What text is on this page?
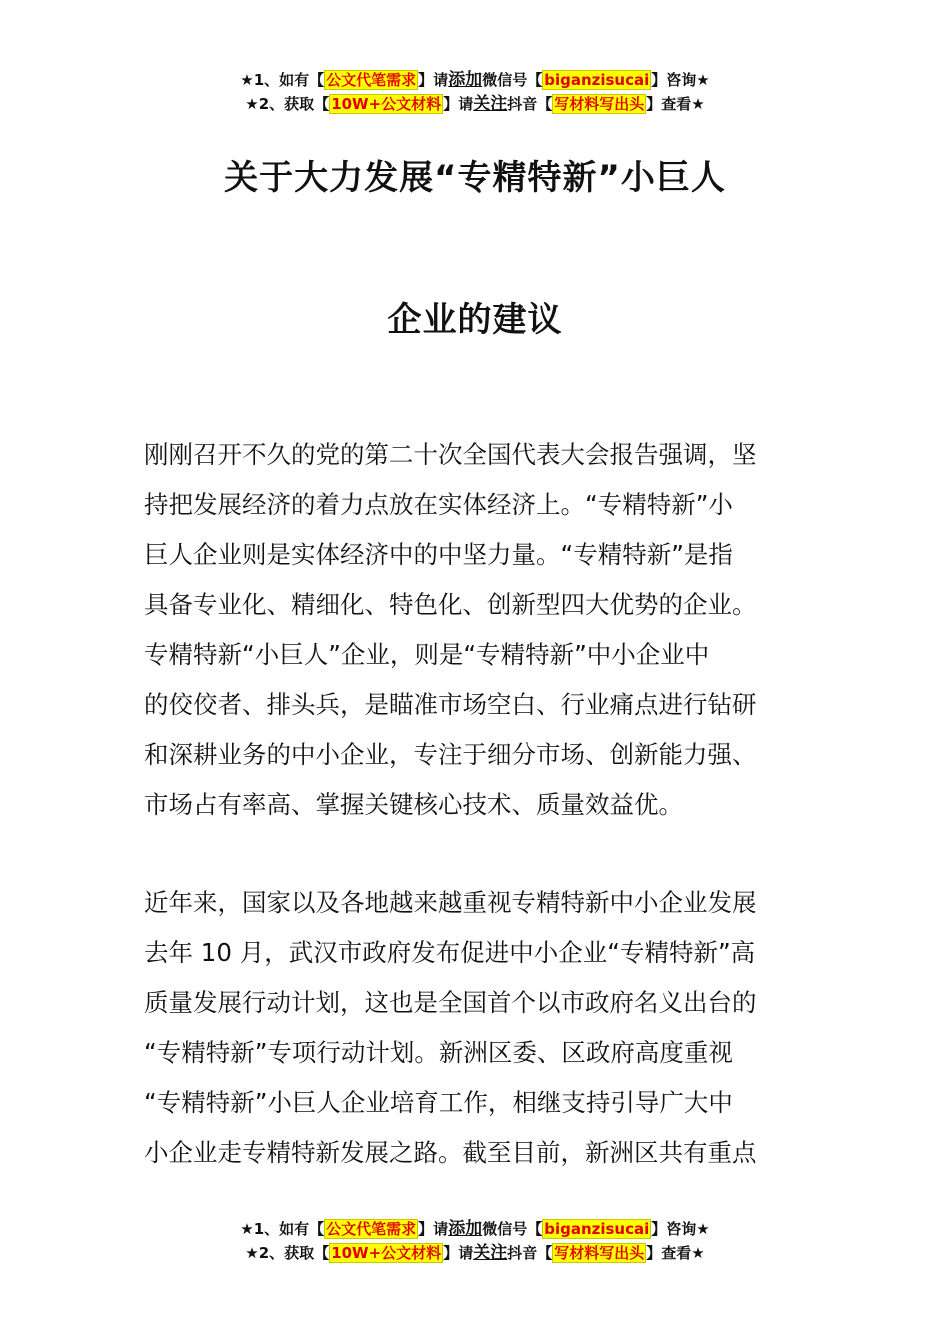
★1、如有【 公文代笔需求 】请添加微信号【 biganzisucai 】咨询★
★2、获取【 10W+公文材料 】请关注抖音【 写材料写出头 】查看★
关于大力发展“专精特新”小巨人
企业的建议
刚刚召开不久的党的第二十次全国代表大会报告强调，坚
持把发展经济的着力点放在实体经济上。“专精特新”小
巨人企业则是实体经济中的中坚力量。“专精特新”是指
具备专业化、精细化、特色化、创新型四大优势的企业。
专精特新“小巨人”企业，则是“专精特新”中小企业中
的佼佼者、排头兵，是瞄准市场空白、行业痛点进行钻研
和深耕业务的中小企业，专注于细分市场、创新能力强、
市场占有率高、掌握关键核心技术、质量效益优。
近年来，国家以及各地越来越重视专精特新中小企业发展
去年 10 月，武汉市政府发布促进中小企业“专精特新”高
质量发展行动计划，这也是全国首个以市政府名义出台的
“专精特新”专项行动计划。新洲区委、区政府高度重视
“专精特新”小巨人企业培育工作，相继支持引导广大中
小企业走专精特新发展之路。截至目前，新洲区共有重点
★1、如有【 公文代笔需求 】请添加微信号【 biganzisucai 】咨询★
★2、获取【 10W+公文材料 】请关注抖音【 写材料写出头 】查看★
